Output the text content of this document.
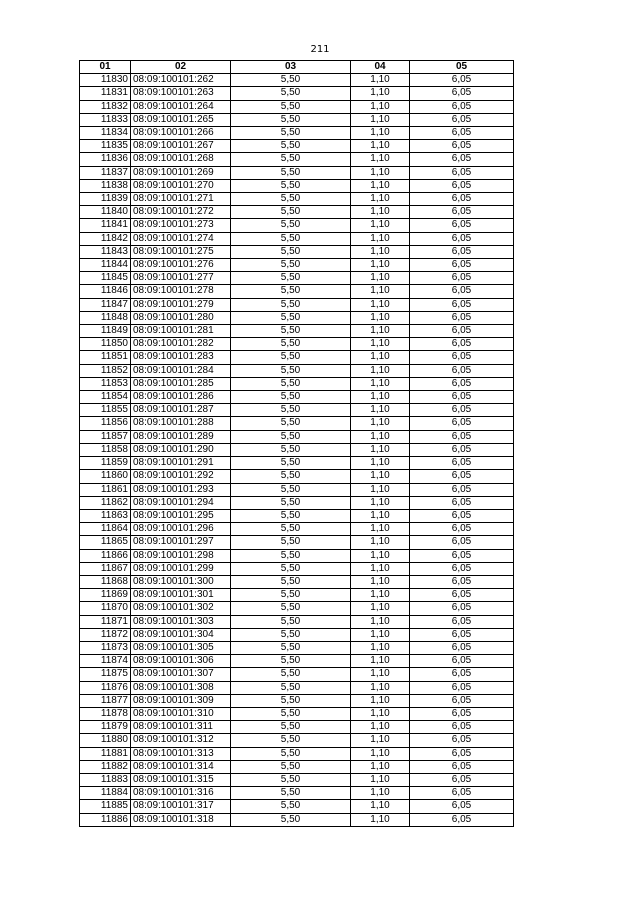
211
01	02	03	04	05
11830	08:09:100101:262	5,50	1,10	6,05
11831	08:09:100101:263	5,50	1,10	6,05
11832	08:09:100101:264	5,50	1,10	6,05
11833	08:09:100101:265	5,50	1,10	6,05
11834	08:09:100101:266	5,50	1,10	6,05
11835	08:09:100101:267	5,50	1,10	6,05
11836	08:09:100101:268	5,50	1,10	6,05
11837	08:09:100101:269	5,50	1,10	6,05
11838	08:09:100101:270	5,50	1,10	6,05
11839	08:09:100101:271	5,50	1,10	6,05
11840	08:09:100101:272	5,50	1,10	6,05
11841	08:09:100101:273	5,50	1,10	6,05
11842	08:09:100101:274	5,50	1,10	6,05
11843	08:09:100101:275	5,50	1,10	6,05
11844	08:09:100101:276	5,50	1,10	6,05
11845	08:09:100101:277	5,50	1,10	6,05
11846	08:09:100101:278	5,50	1,10	6,05
11847	08:09:100101:279	5,50	1,10	6,05
11848	08:09:100101:280	5,50	1,10	6,05
11849	08:09:100101:281	5,50	1,10	6,05
11850	08:09:100101:282	5,50	1,10	6,05
11851	08:09:100101:283	5,50	1,10	6,05
11852	08:09:100101:284	5,50	1,10	6,05
11853	08:09:100101:285	5,50	1,10	6,05
11854	08:09:100101:286	5,50	1,10	6,05
11855	08:09:100101:287	5,50	1,10	6,05
11856	08:09:100101:288	5,50	1,10	6,05
11857	08:09:100101:289	5,50	1,10	6,05
11858	08:09:100101:290	5,50	1,10	6,05
11859	08:09:100101:291	5,50	1,10	6,05
11860	08:09:100101:292	5,50	1,10	6,05
11861	08:09:100101:293	5,50	1,10	6,05
11862	08:09:100101:294	5,50	1,10	6,05
11863	08:09:100101:295	5,50	1,10	6,05
11864	08:09:100101:296	5,50	1,10	6,05
11865	08:09:100101:297	5,50	1,10	6,05
11866	08:09:100101:298	5,50	1,10	6,05
11867	08:09:100101:299	5,50	1,10	6,05
11868	08:09:100101:300	5,50	1,10	6,05
11869	08:09:100101:301	5,50	1,10	6,05
11870	08:09:100101:302	5,50	1,10	6,05
11871	08:09:100101:303	5,50	1,10	6,05
11872	08:09:100101:304	5,50	1,10	6,05
11873	08:09:100101:305	5,50	1,10	6,05
11874	08:09:100101:306	5,50	1,10	6,05
11875	08:09:100101:307	5,50	1,10	6,05
11876	08:09:100101:308	5,50	1,10	6,05
11877	08:09:100101:309	5,50	1,10	6,05
11878	08:09:100101:310	5,50	1,10	6,05
11879	08:09:100101:311	5,50	1,10	6,05
11880	08:09:100101:312	5,50	1,10	6,05
11881	08:09:100101:313	5,50	1,10	6,05
11882	08:09:100101:314	5,50	1,10	6,05
11883	08:09:100101:315	5,50	1,10	6,05
11884	08:09:100101:316	5,50	1,10	6,05
11885	08:09:100101:317	5,50	1,10	6,05
11886	08:09:100101:318	5,50	1,10	6,05
